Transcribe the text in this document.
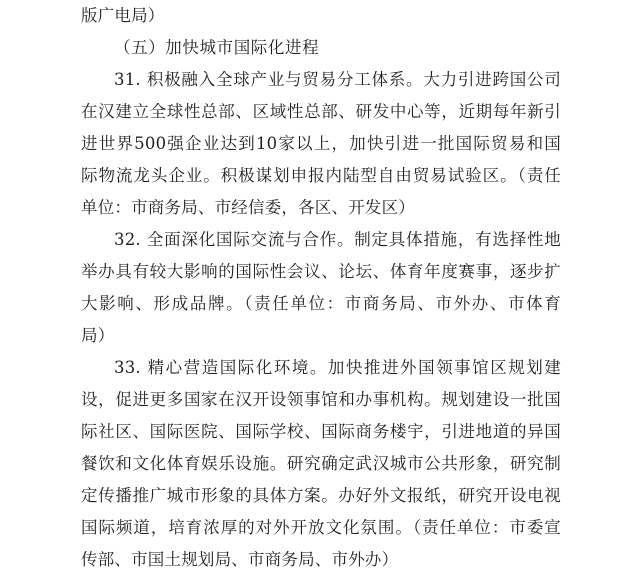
版广电局）
（五）加快城市国际化进程
31. 积极融入全球产业与贸易分工体系。大力引进跨国公司
在汉建立全球性总部、区域性总部、研发中心等，近期每年新引
进世界500强企业达到10家以上，加快引进一批国际贸易和国
际物流龙头企业。积极谋划申报内陆型自由贸易试验区。（责任
单位：市商务局、市经信委，各区、开发区）
32. 全面深化国际交流与合作。制定具体措施，有选择性地
举办具有较大影响的国际性会议、论坛、体育年度赛事，逐步扩
大影响、形成品牌。（责任单位：市商务局、市外办、市体育
局）
33. 精心营造国际化环境。加快推进外国领事馆区规划建
设，促进更多国家在汉开设领事馆和办事机构。规划建设一批国
际社区、国际医院、国际学校、国际商务楼宇，引进地道的异国
餐饮和文化体育娱乐设施。研究确定武汉城市公共形象，研究制
定传播推广城市形象的具体方案。办好外文报纸，研究开设电视
国际频道，培育浓厚的对外开放文化氛围。（责任单位：市委宣
传部、市国土规划局、市商务局、市外办）
